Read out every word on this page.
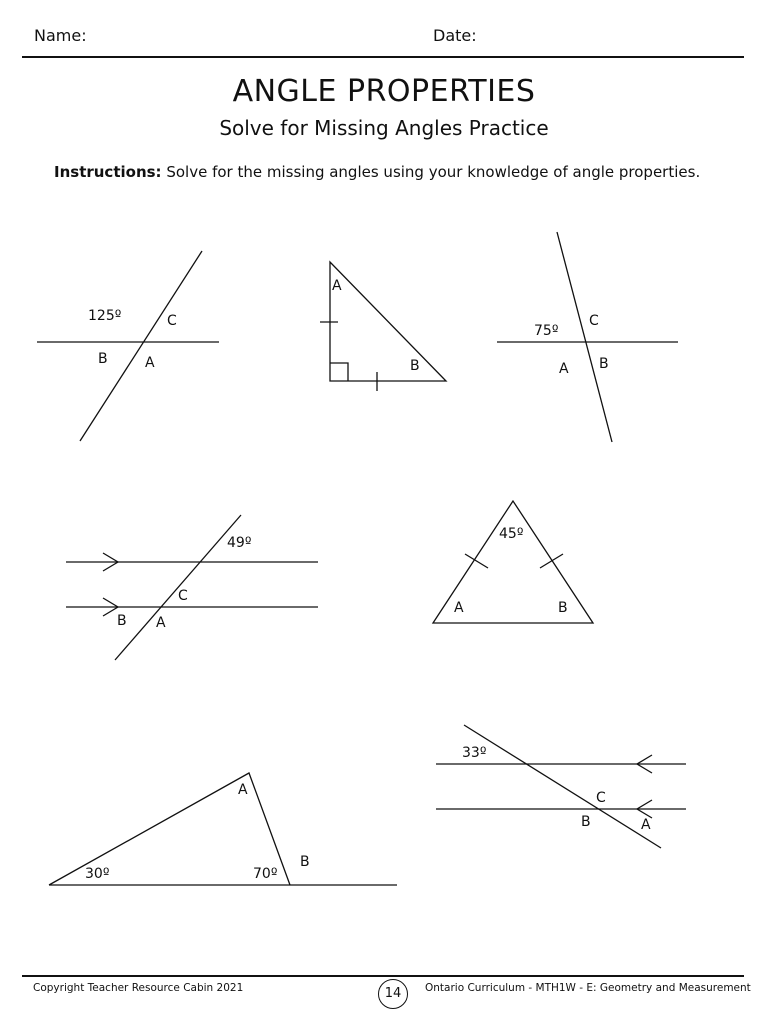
Name:	Date:
ANGLE PROPERTIES
Solve for Missing Angles Practice
Instructions: Solve for the missing angles using your knowledge of angle properties.
125º	C
B	A
A
B
75º
C
A B
49º
C
B A
45º
A	B
30º	70º
A
B
33º
C
B	A
Copyright Teacher Resource Cabin 2021	14	Ontario Curriculum - MTH1W - E: Geometry and Measurement
